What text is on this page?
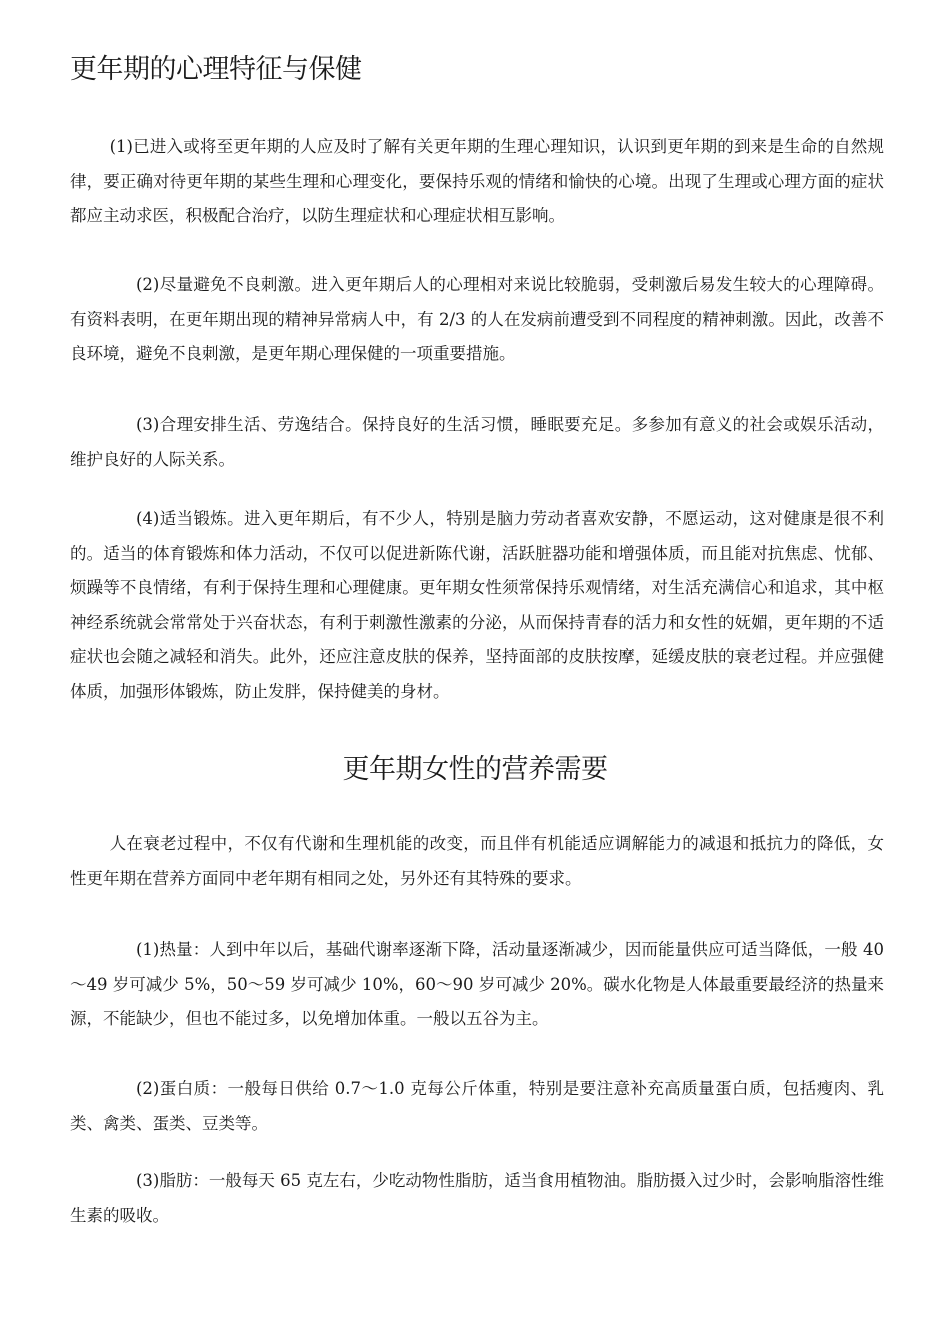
更年期的心理特征与保健

(1)已进入或将至更年期的人应及时了解有关更年期的生理心理知识，认识到更年期的到来是生命的自然规律，要正确对待更年期的某些生理和心理变化，要保持乐观的情绪和愉快的心境。出现了生理或心理方面的症状都应主动求医，积极配合治疗，以防生理症状和心理症状相互影响。

(2)尽量避免不良刺激。进入更年期后人的心理相对来说比较脆弱，受刺激后易发生较大的心理障碍。有资料表明，在更年期出现的精神异常病人中，有 2/3 的人在发病前遭受到不同程度的精神刺激。因此，改善不良环境，避免不良刺激，是更年期心理保健的一项重要措施。

(3)合理安排生活、劳逸结合。保持良好的生活习惯，睡眠要充足。多参加有意义的社会或娱乐活动，维护良好的人际关系。

(4)适当锻炼。进入更年期后，有不少人，特别是脑力劳动者喜欢安静，不愿运动，这对健康是很不利的。适当的体育锻炼和体力活动，不仅可以促进新陈代谢，活跃脏器功能和增强体质，而且能对抗焦虑、忧郁、烦躁等不良情绪，有利于保持生理和心理健康。更年期女性须常保持乐观情绪，对生活充满信心和追求，其中枢神经系统就会常常处于兴奋状态，有利于刺激性激素的分泌，从而保持青春的活力和女性的妩媚，更年期的不适症状也会随之减轻和消失。此外，还应注意皮肤的保养，坚持面部的皮肤按摩，延缓皮肤的衰老过程。并应强健体质，加强形体锻炼，防止发胖，保持健美的身材。

更年期女性的营养需要

人在衰老过程中，不仅有代谢和生理机能的改变，而且伴有机能适应调解能力的减退和抵抗力的降低，女性更年期在营养方面同中老年期有相同之处，另外还有其特殊的要求。

(1)热量：人到中年以后，基础代谢率逐渐下降，活动量逐渐减少，因而能量供应可适当降低，一般 40～49 岁可减少 5%，50～59 岁可减少 10%，60～90 岁可减少 20%。碳水化物是人体最重要最经济的热量来源，不能缺少，但也不能过多，以免增加体重。一般以五谷为主。

(2)蛋白质：一般每日供给 0.7～1.0 克每公斤体重，特别是要注意补充高质量蛋白质，包括瘦肉、乳类、禽类、蛋类、豆类等。

(3)脂肪：一般每天 65 克左右，少吃动物性脂肪，适当食用植物油。脂肪摄入过少时，会影响脂溶性维生素的吸收。
